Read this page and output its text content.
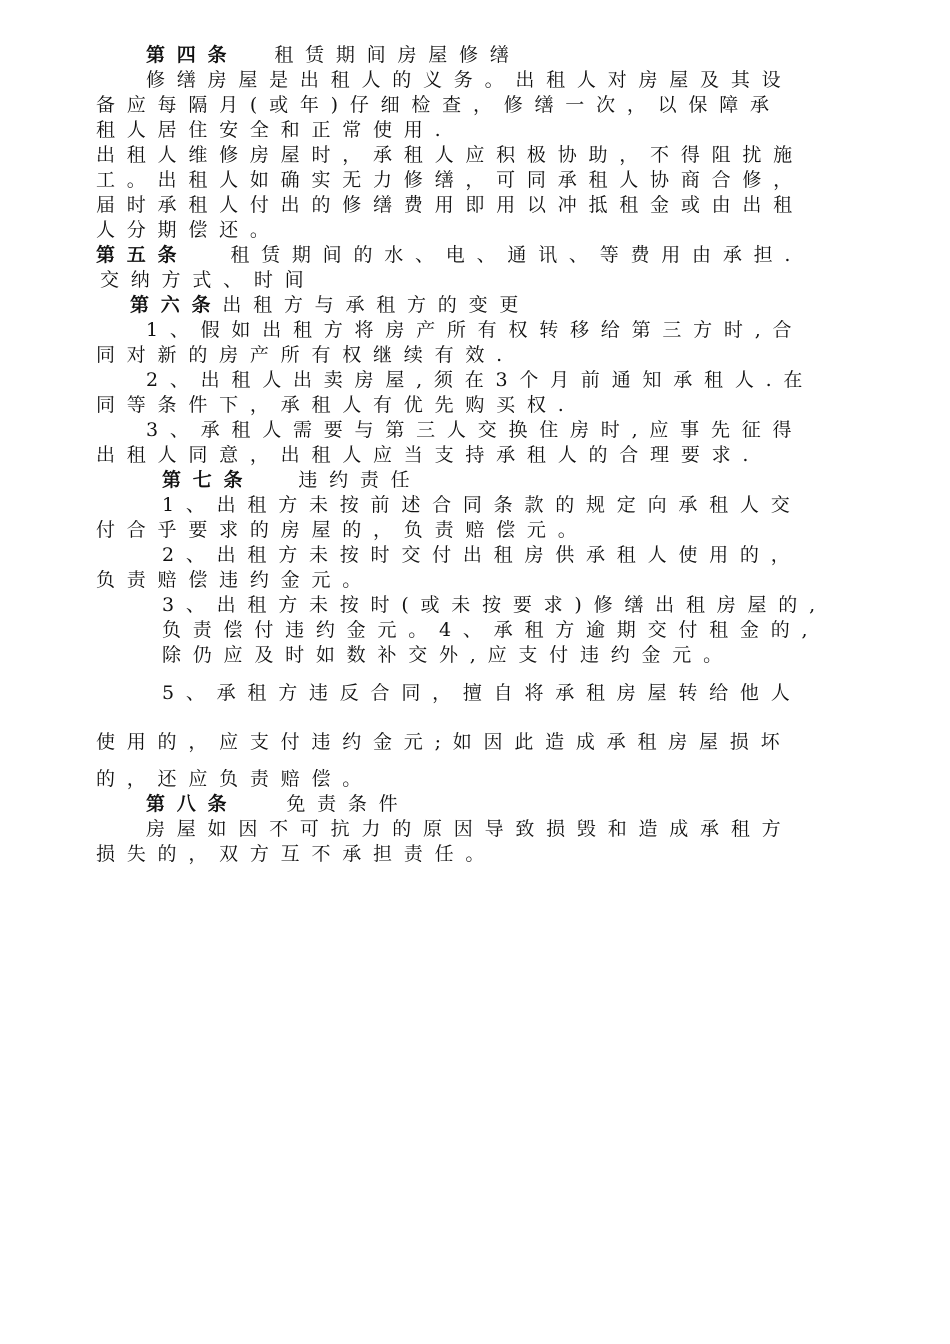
第四条 租赁期间房屋修缮
修缮房屋是出租人的义务。出租人对房屋及其设
备应每隔月(或年)仔细检查，修缮一次，以保障承
租人居住安全和正常使用.
出租人维修房屋时，承租人应积极协助，不得阻扰施
工。出租人如确实无力修缮，可同承租人协商合修，
届时承租人付出的修缮费用即用以冲抵租金或由出租
人分期偿还。
第五条 租赁期间的水、电、通讯、等费用由承担.
交纳方式、时间
第六条出租方与承租方的变更
1、假如出租方将房产所有权转移给第三方时,合
同对新的房产所有权继续有效.
2、出租人出卖房屋,须在3个月前通知承租人.在
同等条件下，承租人有优先购买权.
3、承租人需要与第三人交换住房时,应事先征得
出租人同意，出租人应当支持承租人的合理要求.
第七条 违约责任
1、出租方未按前述合同条款的规定向承租人交
付合乎要求的房屋的，负责赔偿元。
2、出租方未按时交付出租房供承租人使用的，
负责赔偿违约金元。
3、出租方未按时(或未按要求)修缮出租房屋的,
负责偿付违约金元。4、承租方逾期交付租金的,
除仍应及时如数补交外,应支付违约金元。
5、承租方违反合同，擅自将承租房屋转给他人
使用的，应支付违约金元;如因此造成承租房屋损坏
的，还应负责赔偿。
第八条	免责条件
房屋如因不可抗力的原因导致损毁和造成承租方
损失的，双方互不承担责任。
